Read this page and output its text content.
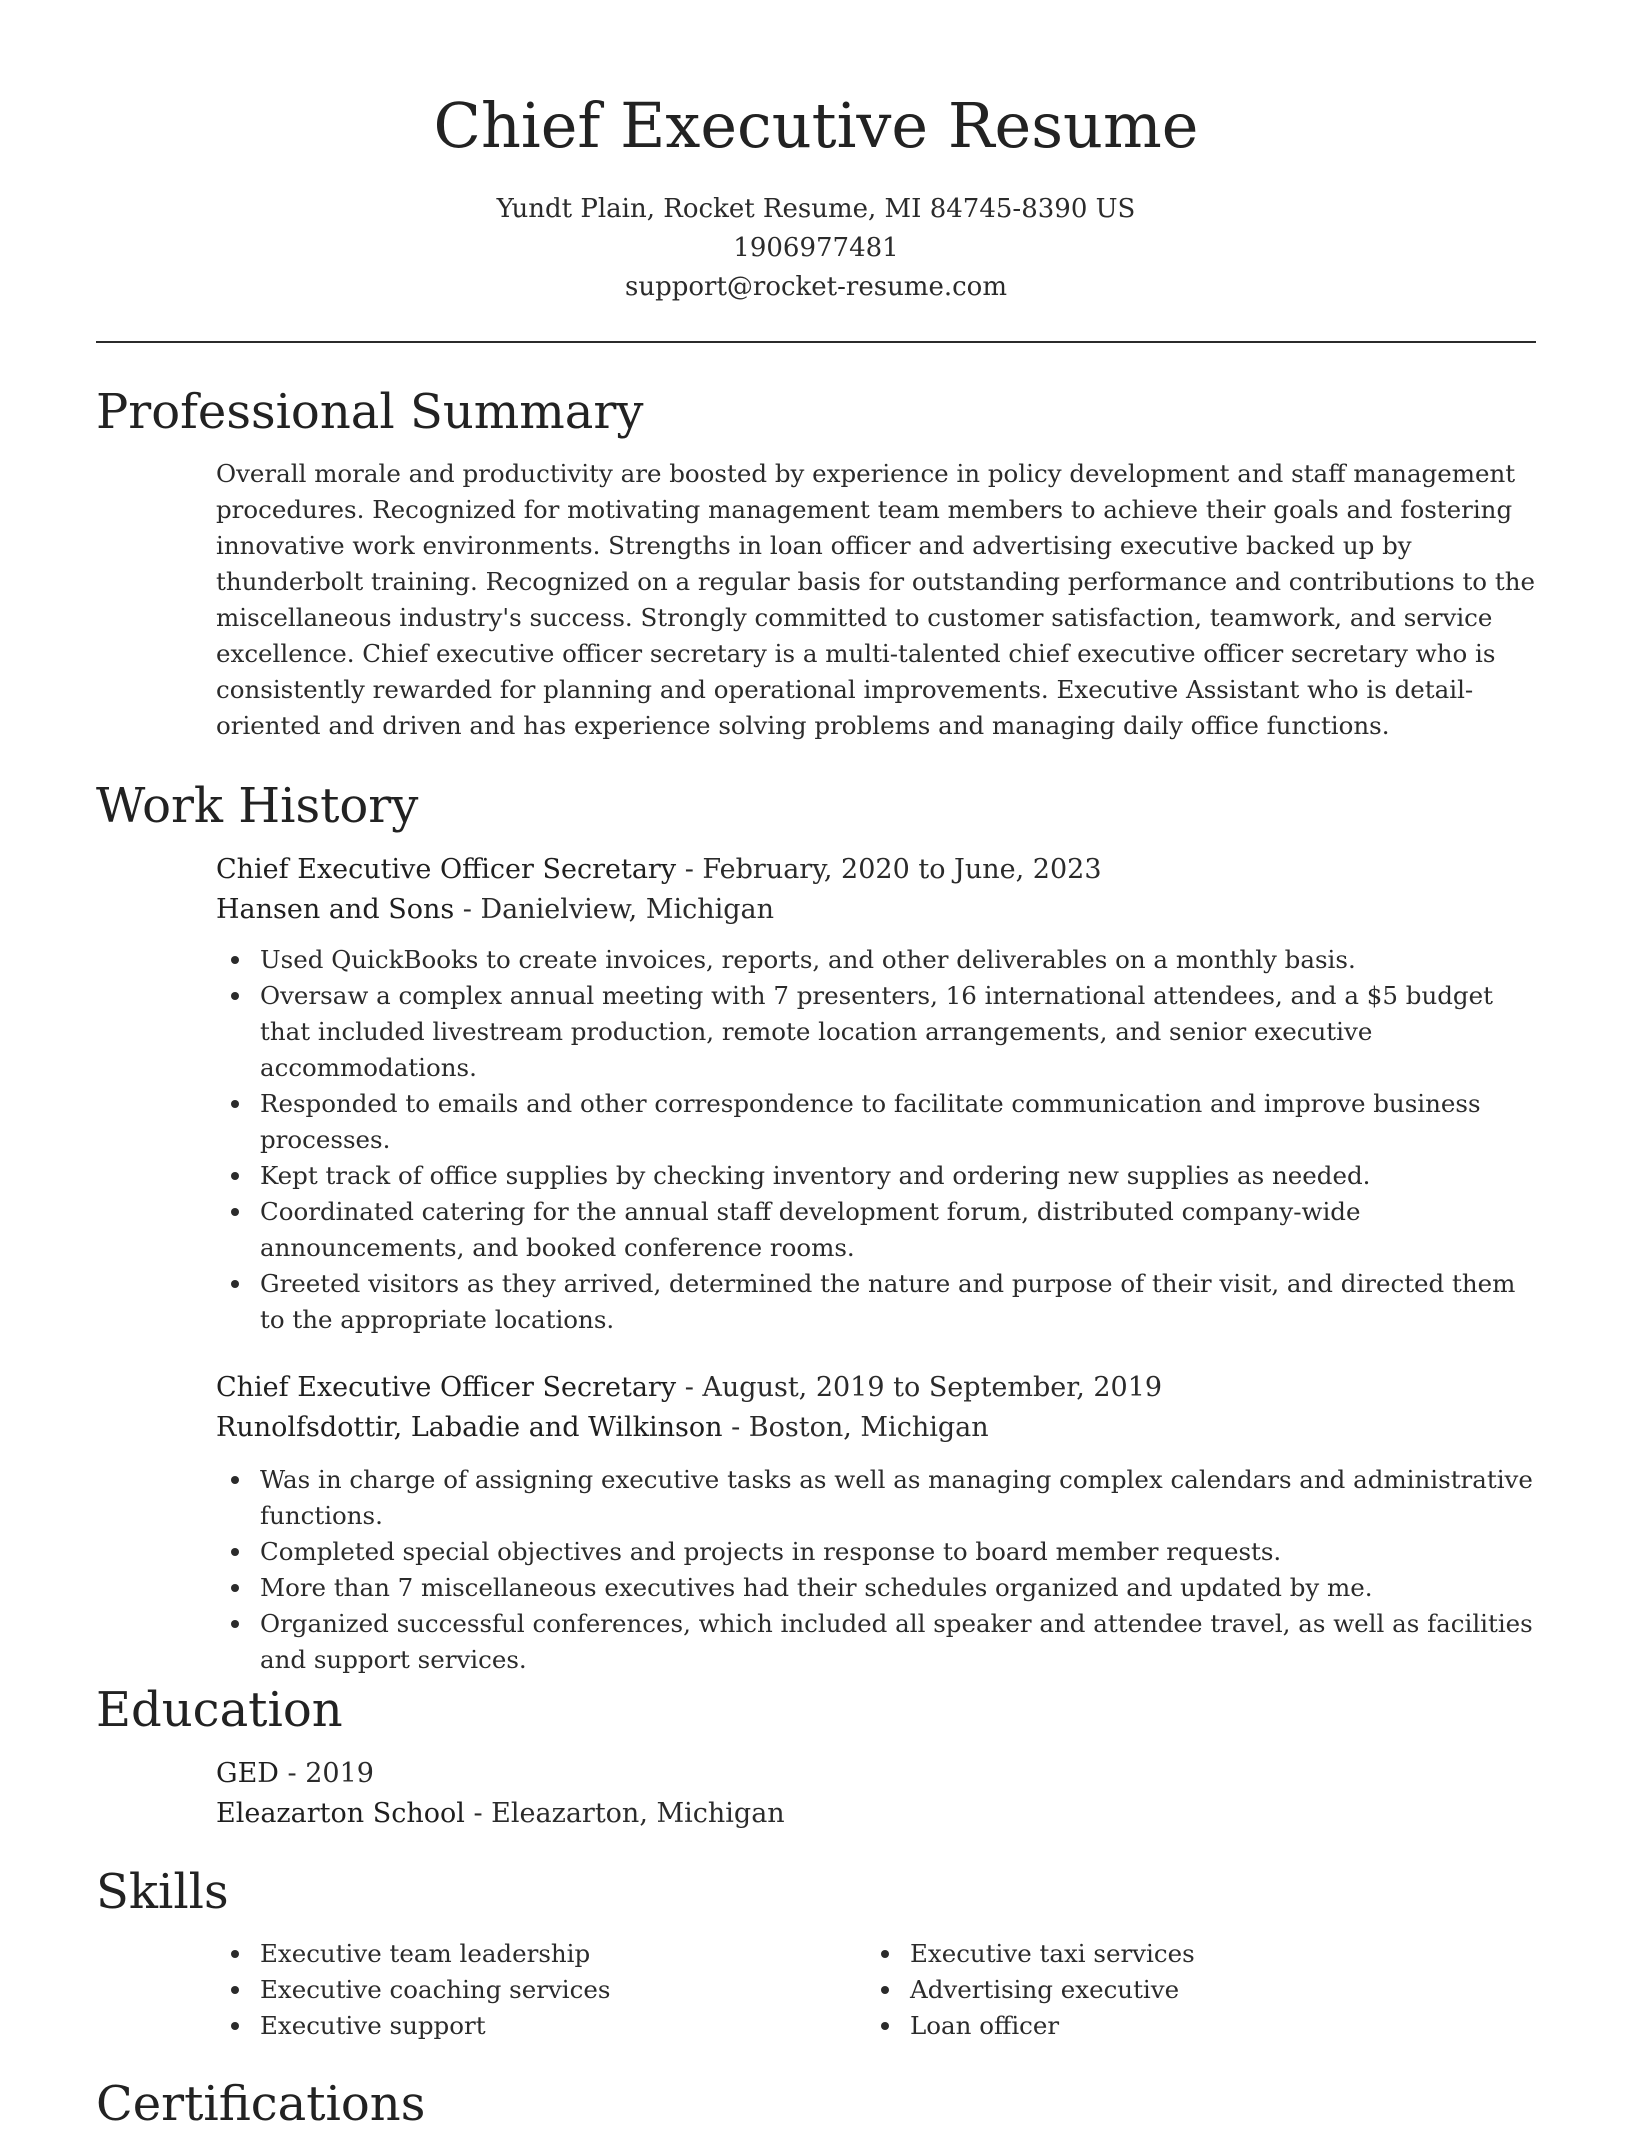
Chief Executive Resume
Yundt Plain, Rocket Resume, MI 84745-8390 US
1906977481
support@rocket-resume.com
Professional Summary
Overall morale and productivity are boosted by experience in policy development and staff management procedures. Recognized for motivating management team members to achieve their goals and fostering innovative work environments. Strengths in loan officer and advertising executive backed up by thunderbolt training. Recognized on a regular basis for outstanding performance and contributions to the miscellaneous industry's success. Strongly committed to customer satisfaction, teamwork, and service excellence. Chief executive officer secretary is a multi-talented chief executive officer secretary who is consistently rewarded for planning and operational improvements. Executive Assistant who is detail-oriented and driven and has experience solving problems and managing daily office functions.
Work History
Chief Executive Officer Secretary - February, 2020 to June, 2023
Hansen and Sons - Danielview, Michigan
Used QuickBooks to create invoices, reports, and other deliverables on a monthly basis.
Oversaw a complex annual meeting with 7 presenters, 16 international attendees, and a $5 budget that included livestream production, remote location arrangements, and senior executive accommodations.
Responded to emails and other correspondence to facilitate communication and improve business processes.
Kept track of office supplies by checking inventory and ordering new supplies as needed.
Coordinated catering for the annual staff development forum, distributed company-wide announcements, and booked conference rooms.
Greeted visitors as they arrived, determined the nature and purpose of their visit, and directed them to the appropriate locations.
Chief Executive Officer Secretary - August, 2019 to September, 2019
Runolfsdottir, Labadie and Wilkinson - Boston, Michigan
Was in charge of assigning executive tasks as well as managing complex calendars and administrative functions.
Completed special objectives and projects in response to board member requests.
More than 7 miscellaneous executives had their schedules organized and updated by me.
Organized successful conferences, which included all speaker and attendee travel, as well as facilities and support services.
Education
GED - 2019
Eleazarton School - Eleazarton, Michigan
Skills
Executive team leadership
Executive coaching services
Executive support
Executive taxi services
Advertising executive
Loan officer
Certifications
